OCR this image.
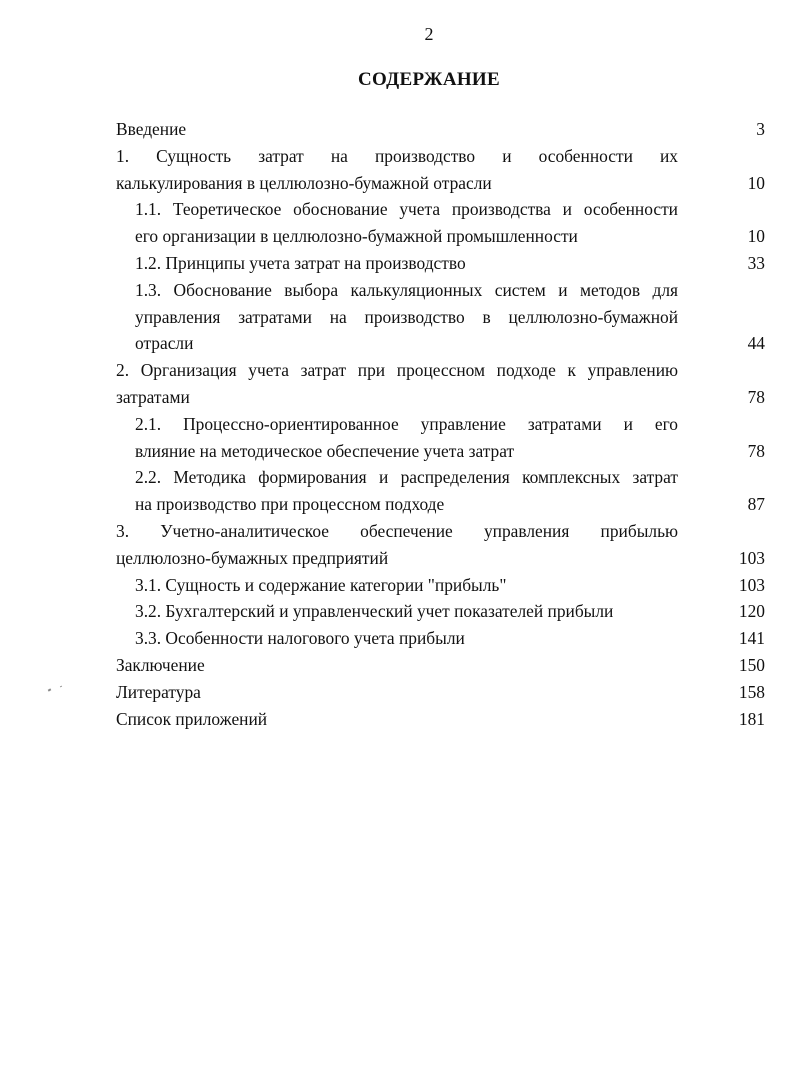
2
СОДЕРЖАНИЕ
Введение	3
1. Сущность затрат на производство и особенности их
калькулирования в целлюлозно-бумажной отрасли	10
1.1. Теоретическое обоснование учета производства и особенности
его организации в целлюлозно-бумажной промышленности	10
1.2. Принципы учета затрат на производство	33
1.3. Обоснование выбора калькуляционных систем и методов для
управления затратами на производство в целлюлозно-бумажной
отрасли	44
2. Организация учета затрат при процессном подходе к управлению
затратами	78
2.1. Процессно-ориентированное управление затратами и его
влияние на методическое обеспечение учета затрат	78
2.2. Методика формирования и распределения комплексных затрат
на производство при процессном подходе	87
3. Учетно-аналитическое обеспечение управления прибылью
целлюлозно-бумажных предприятий	103
3.1. Сущность и содержание категории "прибыль"	103
3.2. Бухгалтерский и управленческий учет показателей прибыли	120
3.3. Особенности налогового учета прибыли	141
Заключение	150
Литература	158
Список приложений	181
